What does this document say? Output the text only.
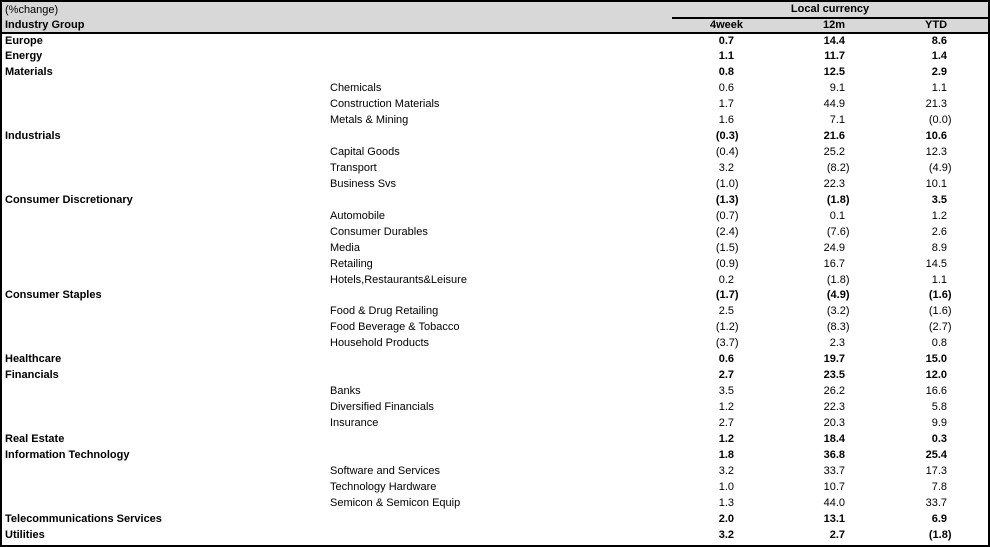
(%change)		Local currency			
Industry Group		4week	12m	YTD	
Europe		0.7	14.4	8.6	
Energy		1.1	11.7	1.4	
Materials		0.8	12.5	2.9	
	Chemicals	0.6	9.1	1.1	
	Construction Materials	1.7	44.9	21.3	
	Metals & Mining	1.6	7.1	(0.0)	
Industrials		(0.3)	21.6	10.6	
	Capital Goods	(0.4)	25.2	12.3	
	Transport	3.2	(8.2)	(4.9)	
	Business Svs	(1.0)	22.3	10.1	
Consumer Discretionary		(1.3)	(1.8)	3.5	
	Automobile	(0.7)	0.1	1.2	
	Consumer Durables	(2.4)	(7.6)	2.6	
	Media	(1.5)	24.9	8.9	
	Retailing	(0.9)	16.7	14.5	
	Hotels,Restaurants&Leisure	0.2	(1.8)	1.1	
Consumer Staples		(1.7)	(4.9)	(1.6)	
	Food & Drug Retailing	2.5	(3.2)	(1.6)	
	Food Beverage & Tobacco	(1.2)	(8.3)	(2.7)	
	Household Products	(3.7)	2.3	0.8	
Healthcare		0.6	19.7	15.0	
Financials		2.7	23.5	12.0	
	Banks	3.5	26.2	16.6	
	Diversified Financials	1.2	22.3	5.8	
	Insurance	2.7	20.3	9.9	
Real Estate		1.2	18.4	0.3	
Information Technology		1.8	36.8	25.4	
	Software and Services	3.2	33.7	17.3	
	Technology Hardware	1.0	10.7	7.8	
	Semicon & Semicon Equip	1.3	44.0	33.7	
Telecommunications Services		2.0	13.1	6.9	
Utilities		3.2	2.7	(1.8)	
